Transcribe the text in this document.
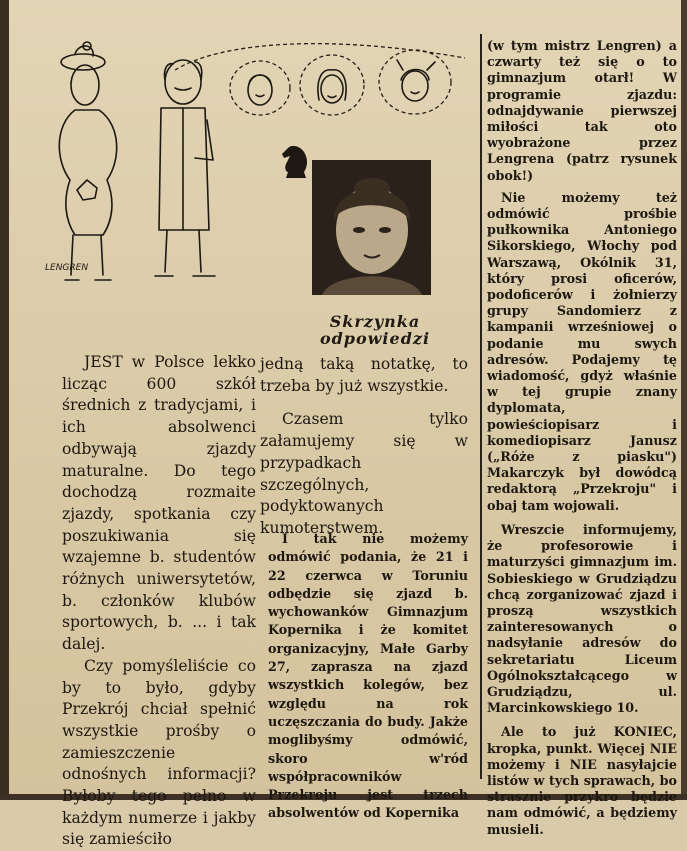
LENGREN
Skrzynka odpowiedzi

JEST w Polsce lekko licząc 600 szkół średnich z tradycjami, i ich absolwenci odbywają zjazdy maturalne. Do tego dochodzą rozmaite zjazdy, spotkania czy poszukiwania się wzajemne b. studentów różnych uniwersytetów, b. członków klubów sportowych, b. ... i tak dalej.

Czy pomyśleliście co by to było, gdyby Przekrój chciał spełnić wszystkie prośby o zamieszczenie odnośnych informacji? Byłoby tego pełno w każdym numerze i jakby się zamieściło

jedną taką notatkę, to trzeba by już wszystkie.

Czasem tylko załamujemy się w przypadkach szczególnych, podyktowanych kumoterstwem.

I tak nie możemy odmówić podania, że 21 i 22 czerwca w Toruniu odbędzie się zjazd b. wychowanków Gimnazjum Kopernika i że komitet organizacyjny, Małe Garby 27, zaprasza na zjazd wszystkich kolegów, bez względu na rok uczęszczania do budy. Jakże moglibyśmy odmówić, skoro w'ród współpracowników Przekroju jest trzech absolwentów od Kopernika

(w tym mistrz Lengren) a czwarty też się o to gimnazjum otarł! W programie zjazdu: odnajdywanie pierwszej miłości tak oto wyobrażone przez Lengrena (patrz rysunek obok!)

Nie możemy też odmówić prośbie pułkownika Antoniego Sikorskiego, Włochy pod Warszawą, Okólnik 31, który prosi oficerów, podoficerów i żołnierzy grupy Sandomierz z kampanii wrześniowej o podanie mu swych adresów. Podajemy tę wiadomość, gdyż właśnie w tej grupie znany dyplomata, powieściopisarz i komediopisarz Janusz („Róże z piasku") Makarczyk był dowódcą redaktorą „Przekroju" i obaj tam wojowali.

Wreszcie informujemy, że profesorowie i maturzyści gimnazjum im. Sobieskiego w Grudziądzu chcą zorganizować zjazd i proszą wszystkich zainteresowanych o nadsyłanie adresów do sekretariatu Liceum Ogólnokształcącego w Grudziądzu, ul. Marcinkowskiego 10.

Ale to już KONIEC, kropka, punkt. Więcej NIE możemy i NIE nasyłajcie listów w tych sprawach, bo strasznie przykro będzie nam odmówić, a będziemy musieli.
